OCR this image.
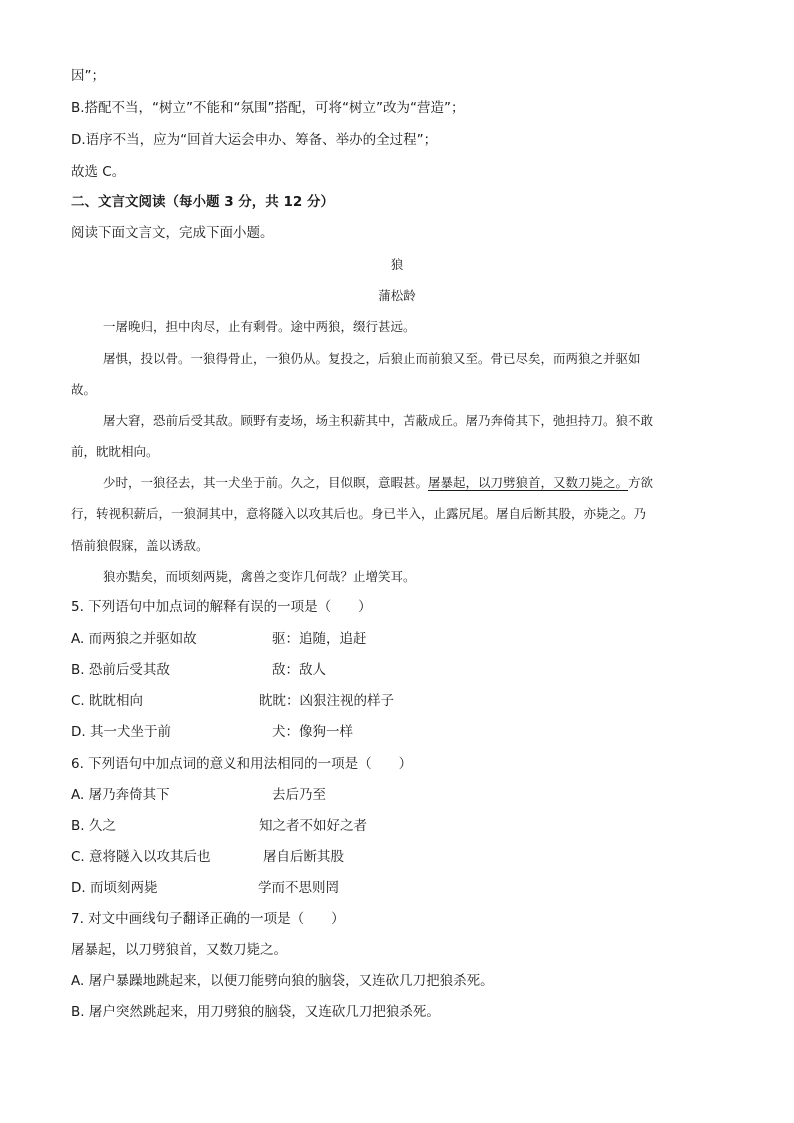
因”；
B.搭配不当，“树立”不能和“氛围”搭配，可将“树立”改为“营造”；
D.语序不当，应为“回首大运会申办、筹备、举办的全过程”；
故选 C。
二、文言文阅读（每小题 3 分，共 12 分）
阅读下面文言文，完成下面小题。
狼
蒲松龄
一屠晚归，担中肉尽，止有剩骨。途中两狼，缀行甚远。
屠惧，投以骨。一狼得骨止，一狼仍从。复投之，后狼止而前狼又至。骨已尽矣，而两狼之并驱如
故。
屠大窘，恐前后受其敌。顾野有麦场，场主积薪其中，苫蔽成丘。屠乃奔倚其下，弛担持刀。狼不敢
前，眈眈相向。
少时，一狼径去，其一犬坐于前。久之，目似瞑，意暇甚。屠暴起，以刀劈狼首，又数刀毙之。方欲
行，转视积薪后，一狼洞其中，意将隧入以攻其后也。身已半入，止露尻尾。屠自后断其股，亦毙之。乃
悟前狼假寐，盖以诱敌。
狼亦黠矣，而顷刻两毙，禽兽之变诈几何哉？止增笑耳。
5. 下列语句中加点词的解释有误的一项是（　　）
A. 而两狼之并驱如故	驱：追随，追赶
B. 恐前后受其敌	敌：敌人
C. 眈眈相向	眈眈：凶狠注视的样子
D. 其一犬坐于前	犬：像狗一样
6. 下列语句中加点词的意义和用法相同的一项是（　　）
A. 屠乃奔倚其下	去后乃至
B. 久之	知之者不如好之者
C. 意将隧入以攻其后也	屠自后断其股
D. 而顷刻两毙	学而不思则罔
7. 对文中画线句子翻译正确的一项是（　　）
屠暴起，以刀劈狼首，又数刀毙之。
A. 屠户暴躁地跳起来，以便刀能劈向狼的脑袋，又连砍几刀把狼杀死。
B. 屠户突然跳起来，用刀劈狼的脑袋，又连砍几刀把狼杀死。
